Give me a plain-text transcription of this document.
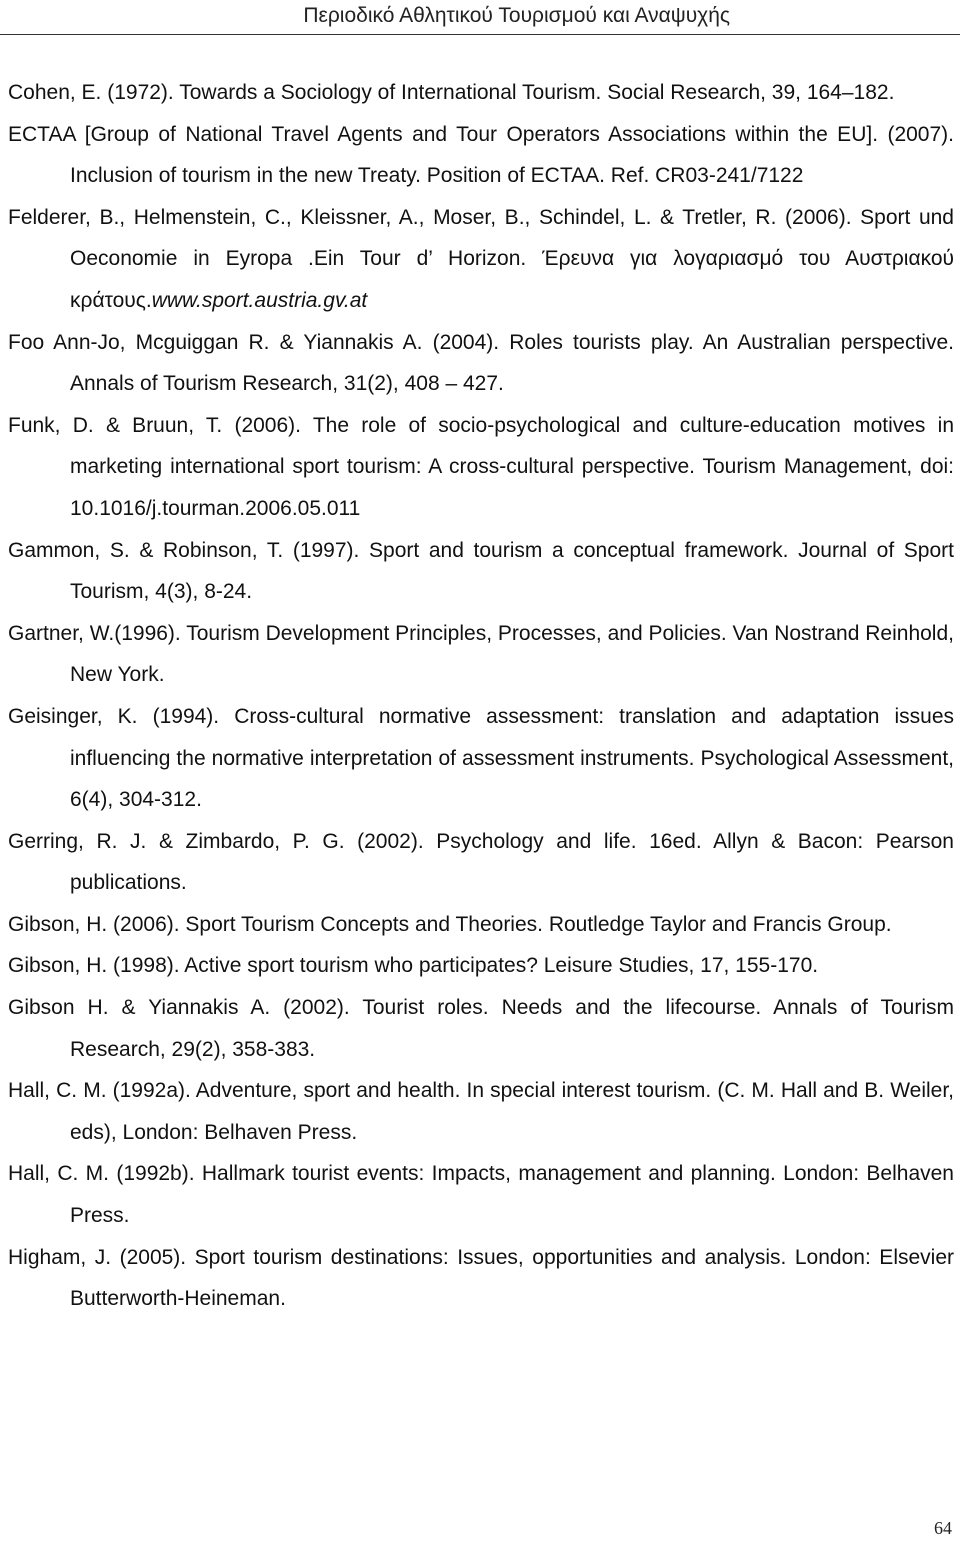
Περιοδικό Αθλητικού Τουρισμού και Αναψυχής
Cohen, E. (1972). Towards a Sociology of International Tourism. Social Research, 39, 164–182.
ECTAA [Group of National Travel Agents and Tour Operators Associations within the EU]. (2007). Inclusion of tourism in the new Treaty. Position of ECTAA. Ref. CR03-241/7122
Felderer, B., Helmenstein, C., Kleissner, A., Moser, B., Schindel, L. & Tretler, R. (2006). Sport und Oeconomie in Eyropa .Ein Tour d’ Horizon. Έρευνα για λογαριασμό του Αυστριακού κράτους.www.sport.austria.gv.at
Foo Ann-Jo, Mcguiggan R. & Yiannakis A. (2004). Roles tourists play. An Australian perspective. Annals of Tourism Research, 31(2), 408 – 427.
Funk, D. & Bruun, T. (2006). The role of socio-psychological and culture-education motives in marketing international sport tourism: A cross-cultural perspective. Tourism Management, doi: 10.1016/j.tourman.2006.05.011
Gammon, S. & Robinson, T. (1997). Sport and tourism a conceptual framework. Journal of Sport Tourism, 4(3), 8-24.
Gartner, W.(1996). Tourism Development Principles, Processes, and Policies. Van Nostrand Reinhold, New York.
Geisinger, K. (1994). Cross-cultural normative assessment: translation and adaptation issues influencing the normative interpretation of assessment instruments. Psychological Assessment, 6(4), 304-312.
Gerring, R. J. & Zimbardo, P. G. (2002). Psychology and life. 16ed. Allyn & Bacon: Pearson publications.
Gibson, H. (2006). Sport Tourism Concepts and Theories. Routledge Taylor and Francis Group.
Gibson, H. (1998). Active sport tourism who participates? Leisure Studies, 17, 155-170.
Gibson H. & Yiannakis A. (2002). Tourist roles. Needs and the lifecourse. Annals of Tourism Research, 29(2), 358-383.
Hall, C. M. (1992a). Adventure, sport and health. In special interest tourism. (C. M. Hall and B. Weiler, eds), London: Belhaven Press.
Hall, C. M. (1992b). Hallmark tourist events: Impacts, management and planning. London: Belhaven Press.
Higham, J. (2005). Sport tourism destinations: Issues, opportunities and analysis. London: Elsevier Butterworth-Heineman.
64
